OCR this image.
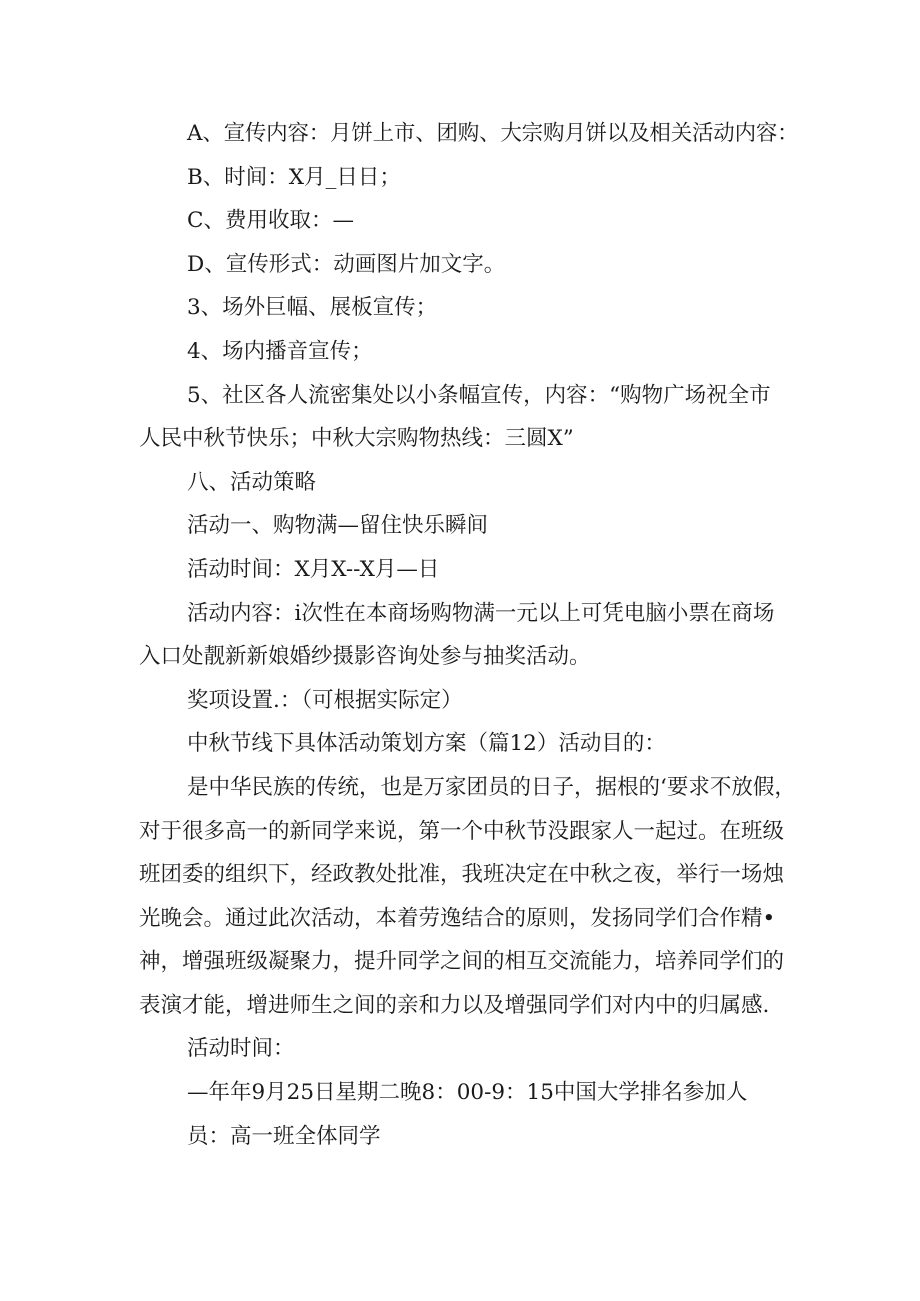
A、宣传内容：月饼上市、团购、大宗购月饼以及相关活动内容：

B、时间：X月_日日；

C、费用收取：—

D、宣传形式：动画图片加文字。

3、场外巨幅、展板宣传；

4、场内播音宣传；

5、社区各人流密集处以小条幅宣传，内容：“购物广场祝全市

人民中秋节快乐；中秋大宗购物热线：三圆X”

八、活动策略

活动一、购物满—留住快乐瞬间

活动时间：X月X--X月—日

活动内容：i次性在本商场购物满一元以上可凭电脑小票在商场

入口处靓新新娘婚纱摄影咨询处参与抽奖活动。

奖项设置.：（可根据实际定）

中秋节线下具体活动策划方案（篇12）活动目的：

是中华民族的传统，也是万家团员的日子，据根的‘要求不放假，

对于很多高一的新同学来说，第一个中秋节没跟家人一起过。在班级

班团委的组织下，经政教处批准，我班决定在中秋之夜，举行一场烛

光晚会。通过此次活动，本着劳逸结合的原则，发扬同学们合作精•

神，增强班级凝聚力，提升同学之间的相互交流能力，培养同学们的

表演才能，增进师生之间的亲和力以及增强同学们对内中的归属感.

活动时间：

—年年9月25日星期二晚8：00-9：15中国大学排名参加人

员：高一班全体同学
